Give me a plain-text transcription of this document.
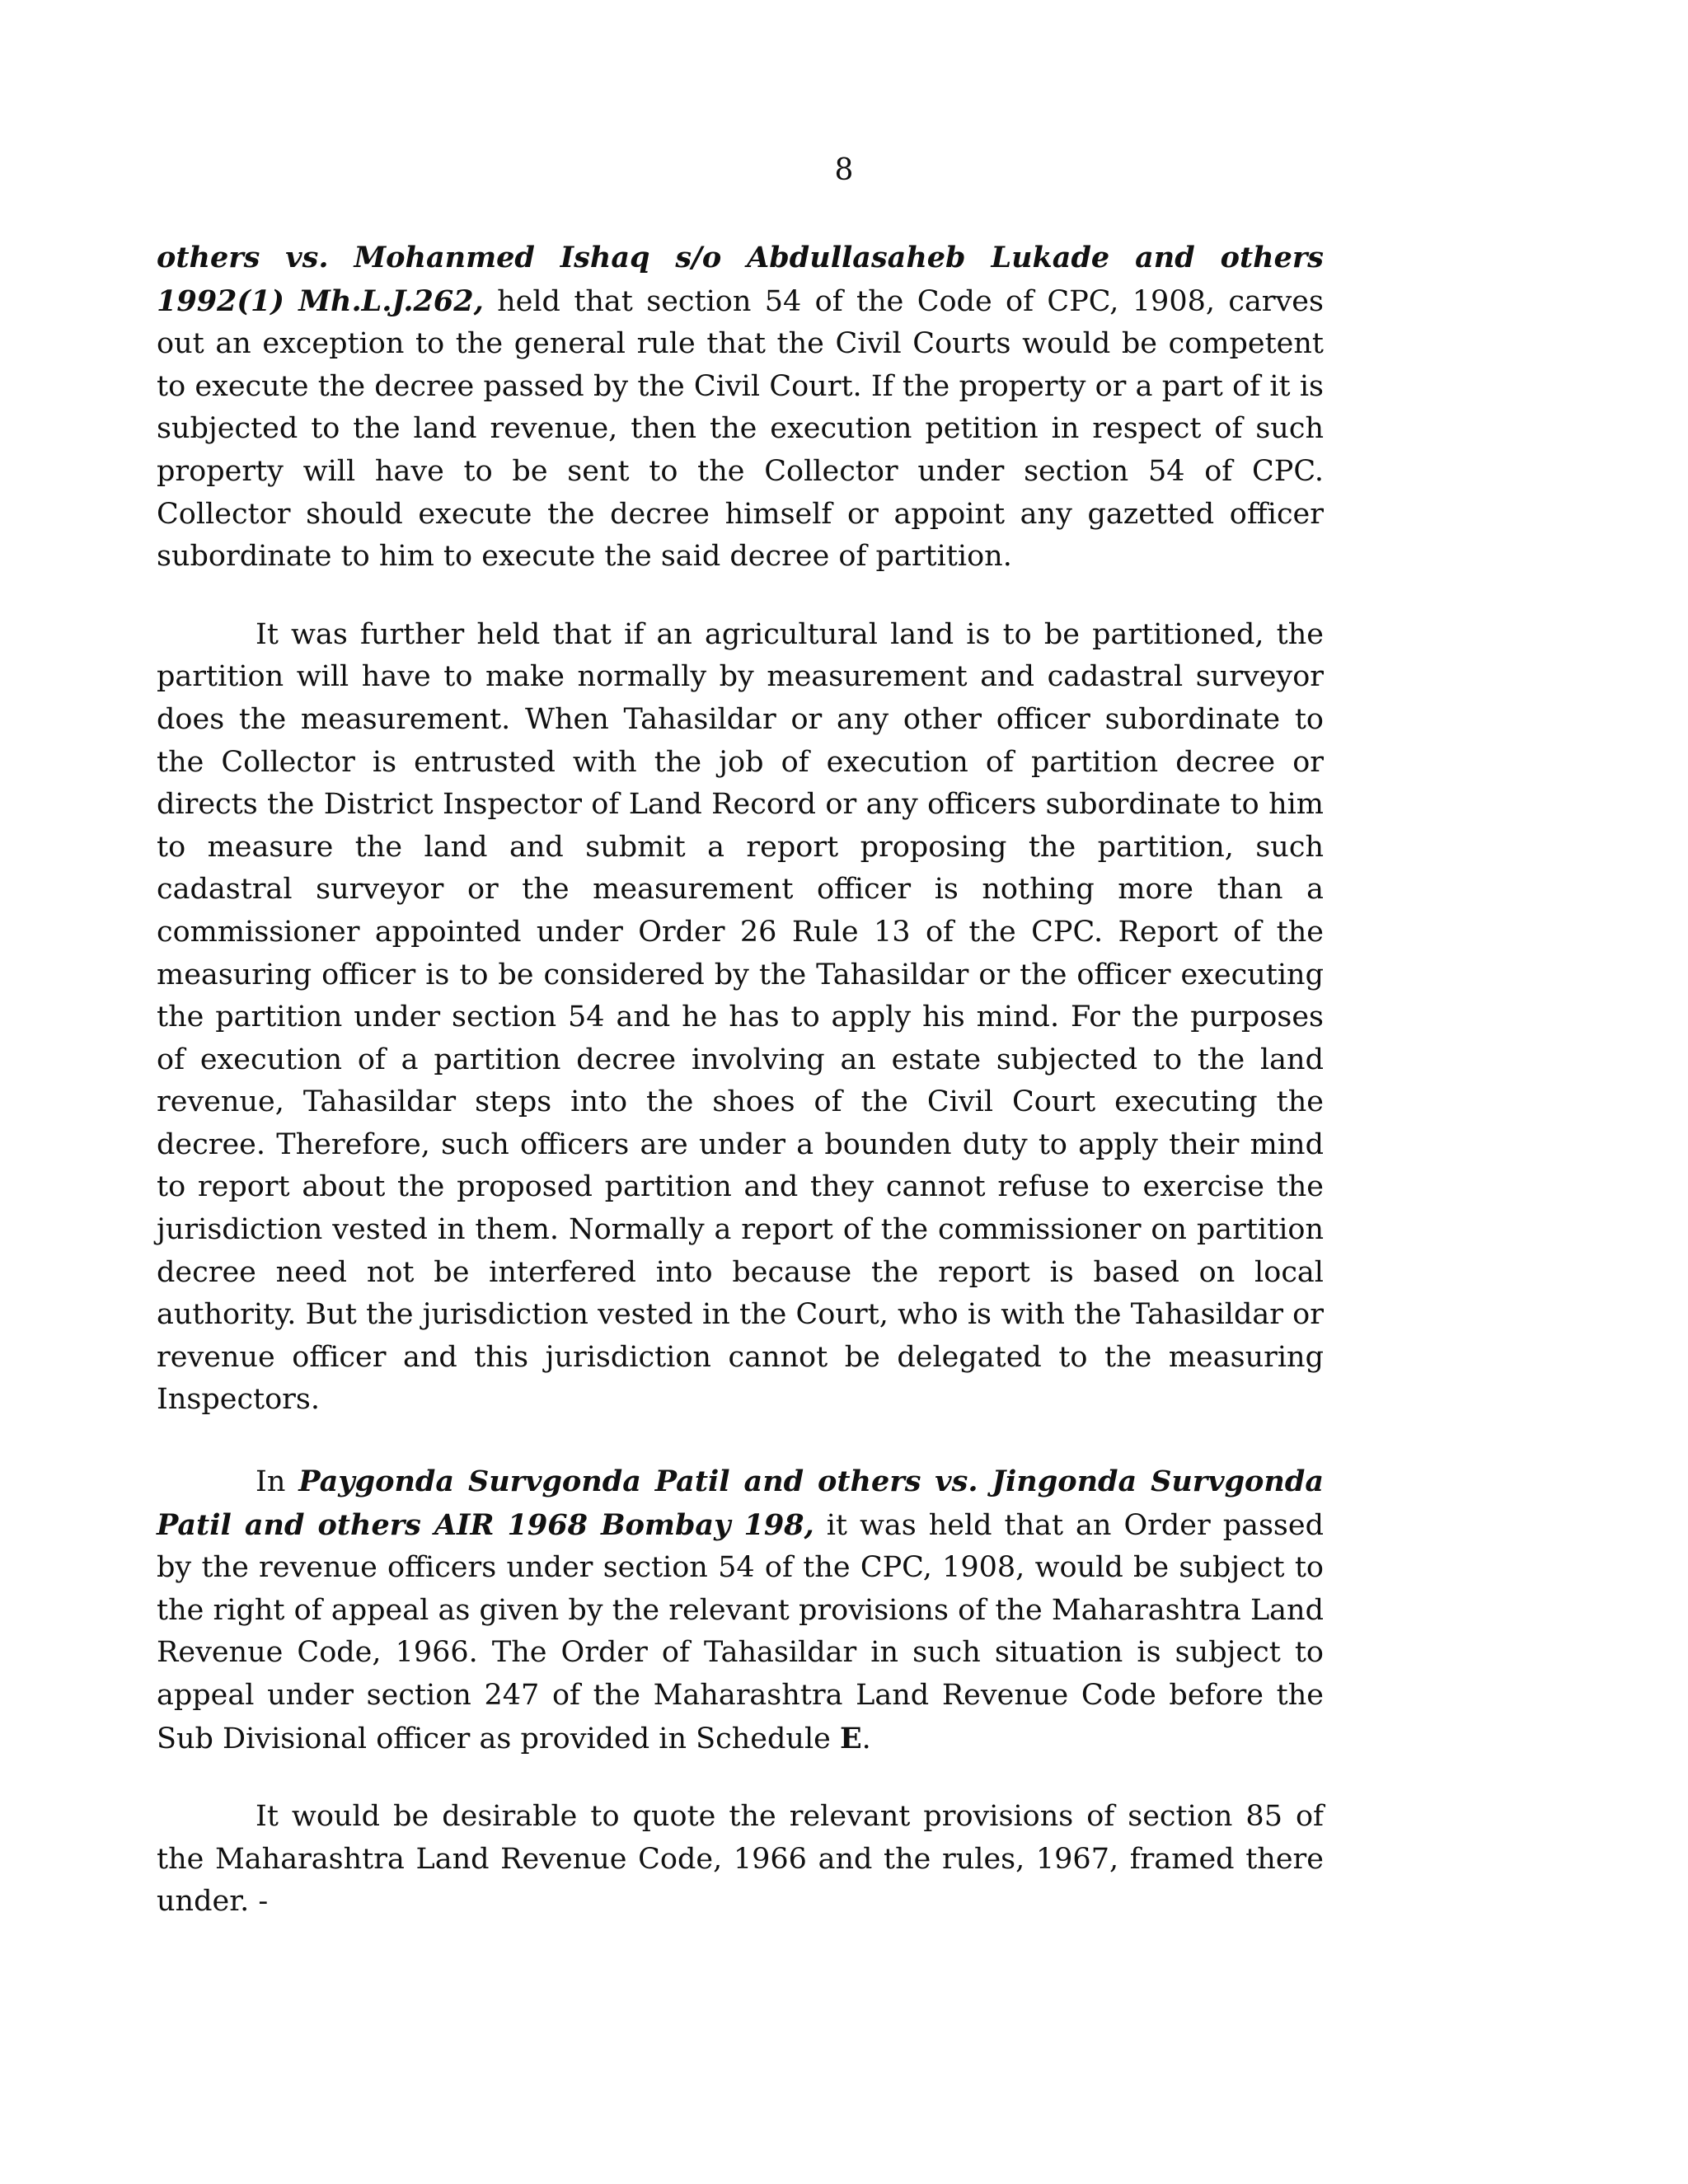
8

others vs. Mohanmed Ishaq s/o Abdullasaheb Lukade and others 1992(1) Mh.L.J.262, held that section 54 of the Code of CPC, 1908, carves out an exception to the general rule that the Civil Courts would be competent to execute the decree passed by the Civil Court. If the property or a part of it is subjected to the land revenue, then the execution petition in respect of such property will have to be sent to the Collector under section 54 of CPC. Collector should execute the decree himself or appoint any gazetted officer subordinate to him to execute the said decree of partition.

It was further held that if an agricultural land is to be partitioned, the partition will have to make normally by measurement and cadastral surveyor does the measurement. When Tahasildar or any other officer subordinate to the Collector is entrusted with the job of execution of partition decree or directs the District Inspector of Land Record or any officers subordinate to him to measure the land and submit a report proposing the partition, such cadastral surveyor or the measurement officer is nothing more than a commissioner appointed under Order 26 Rule 13 of the CPC. Report of the measuring officer is to be considered by the Tahasildar or the officer executing the partition under section 54 and he has to apply his mind. For the purposes of execution of a partition decree involving an estate subjected to the land revenue, Tahasildar steps into the shoes of the Civil Court executing the decree. Therefore, such officers are under a bounden duty to apply their mind to report about the proposed partition and they cannot refuse to exercise the jurisdiction vested in them. Normally a report of the commissioner on partition decree need not be interfered into because the report is based on local authority. But the jurisdiction vested in the Court, who is with the Tahasildar or revenue officer and this jurisdiction cannot be delegated to the measuring Inspectors.

In Paygonda Survgonda Patil and others vs. Jingonda Survgonda Patil and others AIR 1968 Bombay 198, it was held that an Order passed by the revenue officers under section 54 of the CPC, 1908, would be subject to the right of appeal as given by the relevant provisions of the Maharashtra Land Revenue Code, 1966. The Order of Tahasildar in such situation is subject to appeal under section 247 of the Maharashtra Land Revenue Code before the Sub Divisional officer as provided in Schedule E.

It would be desirable to quote the relevant provisions of section 85 of the Maharashtra Land Revenue Code, 1966 and the rules, 1967, framed there under. -
